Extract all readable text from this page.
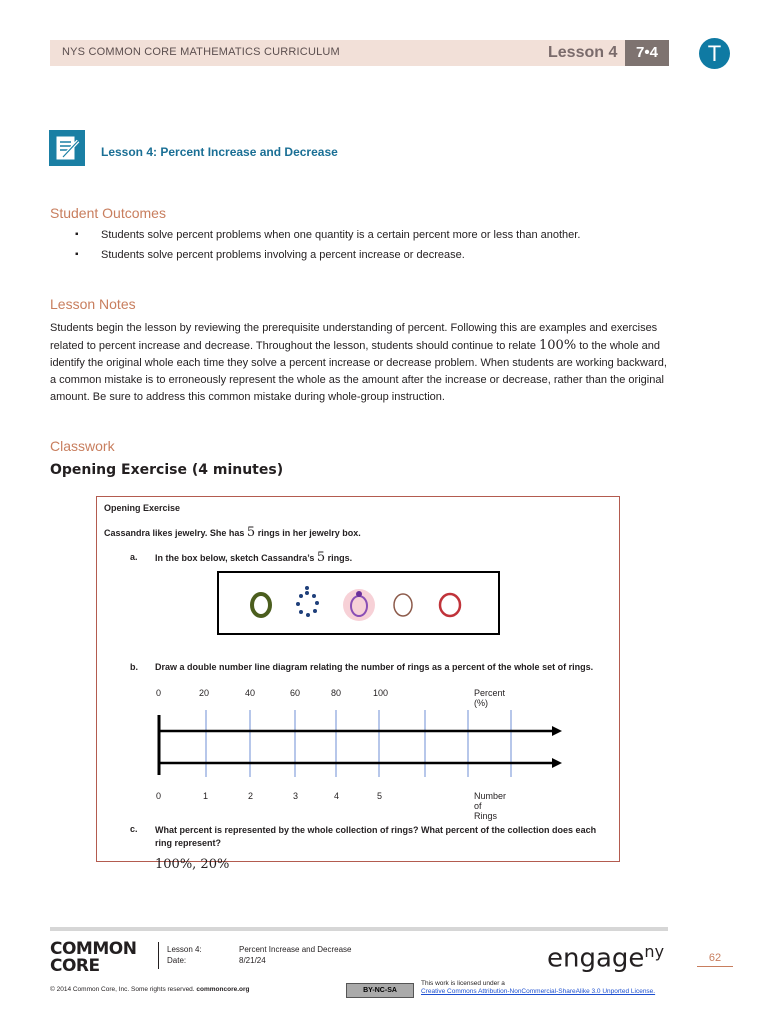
NYS COMMON CORE MATHEMATICS CURRICULUM	Lesson 4	7•4	T
Lesson 4: Percent Increase and Decrease
Student Outcomes
▪ Students solve percent problems when one quantity is a certain percent more or less than another.
▪ Students solve percent problems involving a percent increase or decrease.
Lesson Notes
Students begin the lesson by reviewing the prerequisite understanding of percent. Following this are examples and exercises related to percent increase and decrease. Throughout the lesson, students should continue to relate 100% to the whole and identify the original whole each time they solve a percent increase or decrease problem. When students are working backward, a common mistake is to erroneously represent the whole as the amount after the increase or decrease, rather than the original amount. Be sure to address this common mistake during whole-group instruction.
Classwork
Opening Exercise (4 minutes)
Opening Exercise
Cassandra likes jewelry. She has 5 rings in her jewelry box.
a. In the box below, sketch Cassandra’s 5 rings.
b. Draw a double number line diagram relating the number of rings as a percent of the whole set of rings.
0	20	40	60	80	100	Percent (%)
0	1	2	3	4	5	Number of Rings
c. What percent is represented by the whole collection of rings? What percent of the collection does each ring represent?
100%, 20%
COMMON
CORE
Lesson 4:	Percent Increase and Decrease
Date:	8/21/24	engage$^{ny}$	62
© 2014 Common Core, Inc. Some rights reserved. commoncore.org	BY-NC-SA
This work is licensed under a
Creative Commons Attribution-NonCommercial-ShareAlike 3.0 Unported License.
